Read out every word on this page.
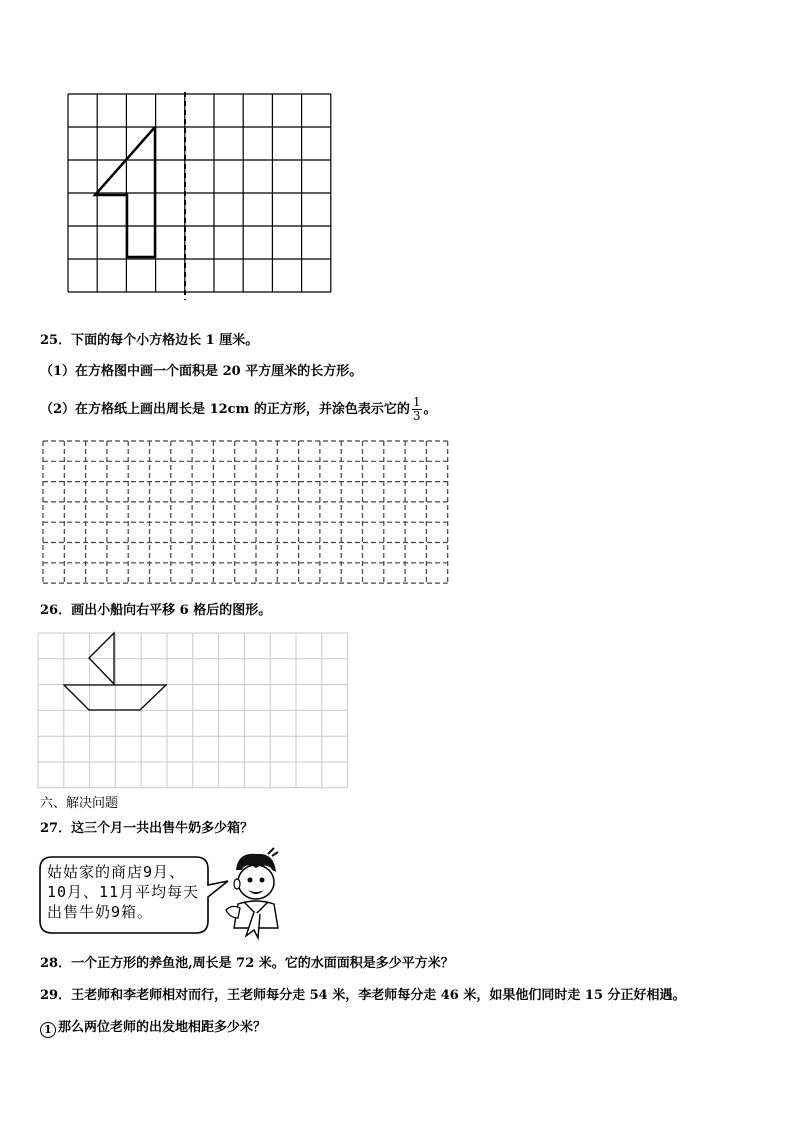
25．下面的每个小方格边长 1 厘米。
（1）在方格图中画一个面积是 20 平方厘米的长方形。
（2）在方格纸上画出周长是 12cm 的正方形，并涂色表示它的 $\frac{1}{3}$ 。
26．画出小船向右平移 6 格后的图形。
六、解决问题
27．这三个月一共出售牛奶多少箱？
姑姑家的商店9月、
10月、11月平均每天
出售牛奶9箱。
28．一个正方形的养鱼池,周长是 72 米。它的水面面积是多少平方米？
29．王老师和李老师相对而行，王老师每分走 54 米，李老师每分走 46 米，如果他们同时走 15 分正好相遇。
1 那么两位老师的出发地相距多少米？
